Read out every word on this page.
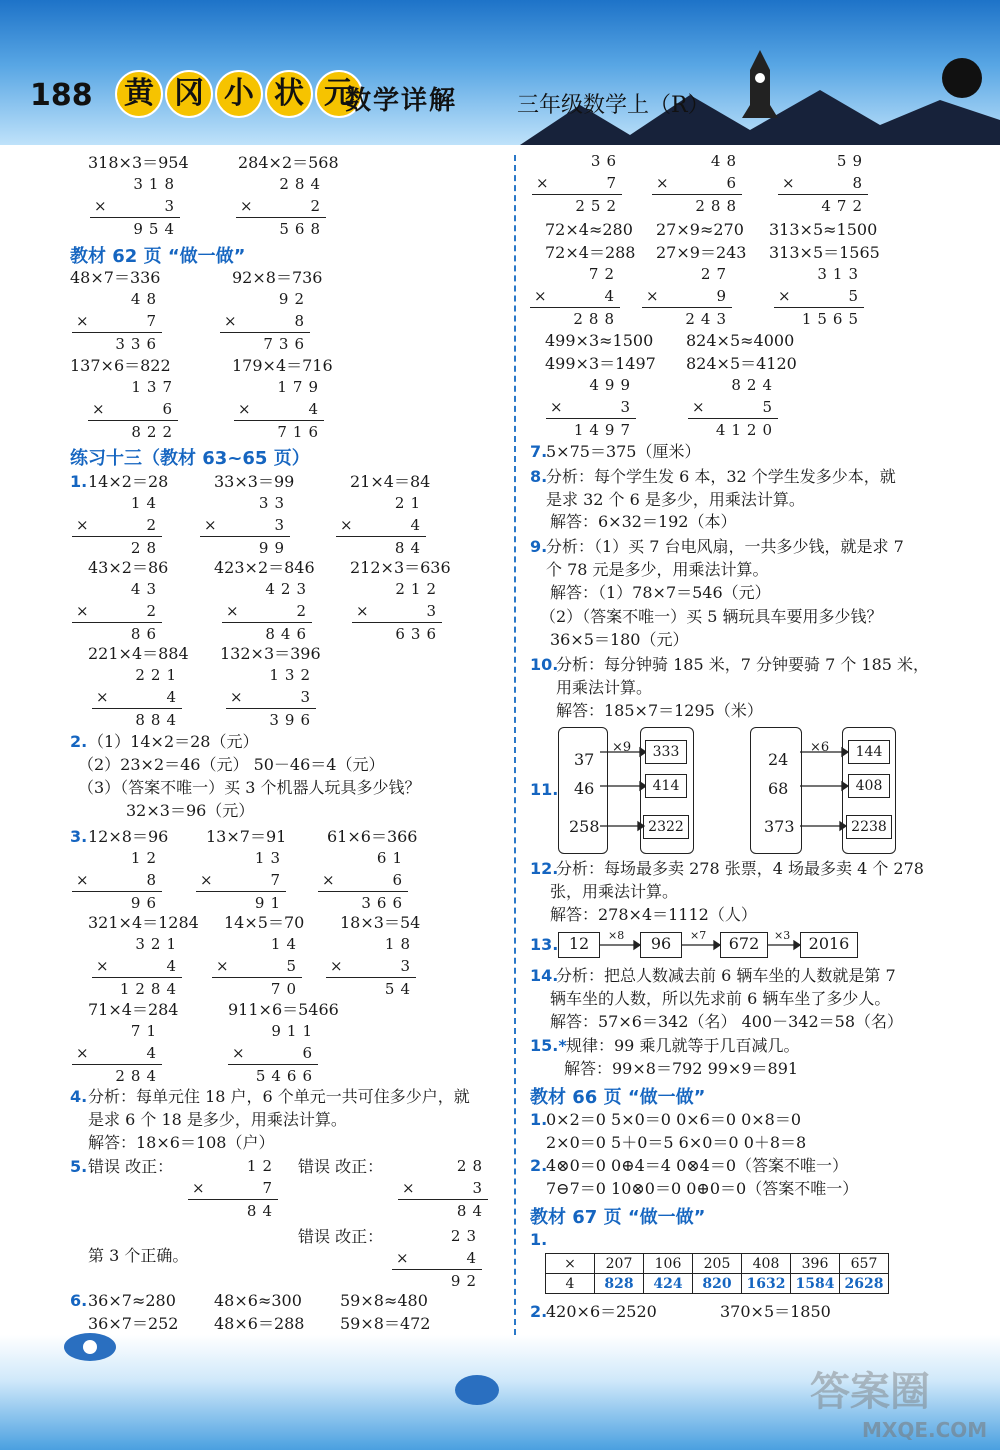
188	黄 冈 小 状 元
数学详解	三年级数学上（R）
318×3＝954	284×2＝568
318
×	3
954
284
×	2
568
教材 62 页 “做一做”
48×7＝336	92×8＝736
48
×	7
336
92
×	8
736
137×6＝822	179×4＝716
137
×	6
822
179
×	4
716
练习十三（教材 63~65 页）
1. 14×2＝28	33×3＝99	21×4＝84
14
×	2
28
33
×	3
99
21
×	4
84
43×2＝86	423×2＝846 212×3＝636
43
×	2
86
423
×	2
846
212
×	3
636
221×4＝884 132×3＝396
221
×	4
884
132
×	3
396
2. （1）14×2＝28（元）
（2）23×2＝46（元） 50－46＝4（元）
（3）（答案不唯一）买 3 个机器人玩具多少钱？
32×3＝96（元）
3. 12×8＝96 13×7＝91	61×6＝366
12
×	8
96
13
×	7
91
61
×	6
366
321×4＝1284 14×5＝70 18×3＝54
321
×	4
1284
14
×	5
70
18
×	3
54
71×4＝284	911×6＝5466
71
×	4
284
911
×	6
5466
4. 分析：每单元住 18 户，6 个单元一共可住多少户，就
是求 6 个 18 是多少，用乘法计算。
解答：18×6＝108（户）
5. 错误 改正：	错误 改正：
12
×	7
84
28
×	3
84
错误 改正：	23
×	4
92
第 3 个正确。
6. 36×7≈280 48×6≈300 59×8≈480
36×7＝252 48×6＝288 59×8＝472
36
×	7
252
48
×	6
288
59
×	8
472
72×4≈280 27×9≈270 313×5≈1500
72×4＝288 27×9＝243 313×5＝1565
72
×	4
288
27
×	9
243
313
×	5
1565
499×3≈1500 824×5≈4000
499×3＝1497 824×5＝4120
499
×	3
1497
824
×	5
4120
7.
5×75＝375（厘米）
8.
分析：每个学生发 6 本，32 个学生发多少本，就
是求 32 个 6 是多少，用乘法计算。
解答：6×32＝192（本）
9.
分析：（1）买 7 台电风扇，一共多少钱，就是求 7
个 78 元是多少，用乘法计算。
解答：（1）78×7＝546（元）
（2）（答案不唯一）买 5 辆玩具车要用多少钱？
36×5＝180（元）
10.
分析：每分钟骑 185 米，7 分钟要骑 7 个 185 米，
用乘法计算。
解答：185×7＝1295（米）
11.
37
46
258
×9	333
414
2322
24
68
373
×6	144
408
2238
12.
分析：每场最多卖 278 张票，4 场最多卖 4 个 278
张，用乘法计算。
解答：278×4＝1112（人）
13. 12	96	672	2016
×8	×7	×3
14.
分析：把总人数减去前 6 辆车坐的人数就是第 7
辆车坐的人数，所以先求前 6 辆车坐了多少人。
解答：57×6＝342（名） 400－342＝58（名）
15.* 规律：99 乘几就等于几百减几。
解答：99×8＝792 99×9＝891
教材 66 页 “做一做”
1.
0×2＝0 5×0＝0 0×6＝0 0×8＝0
2×0＝0 5＋0＝5 6×0＝0 0＋8＝8
2.
4⊗0＝0 0⊕4＝4 0⊗4＝0（答案不唯一）
7⊖7＝0 10⊗0＝0 0⊕0＝0（答案不唯一）
教材 67 页 “做一做”
1.
×	207	106	205	408	396	657
4	828	424	820	1632	1584	2628
2.
420×6＝2520	370×5＝1850
答案圈
MXQE.COM
